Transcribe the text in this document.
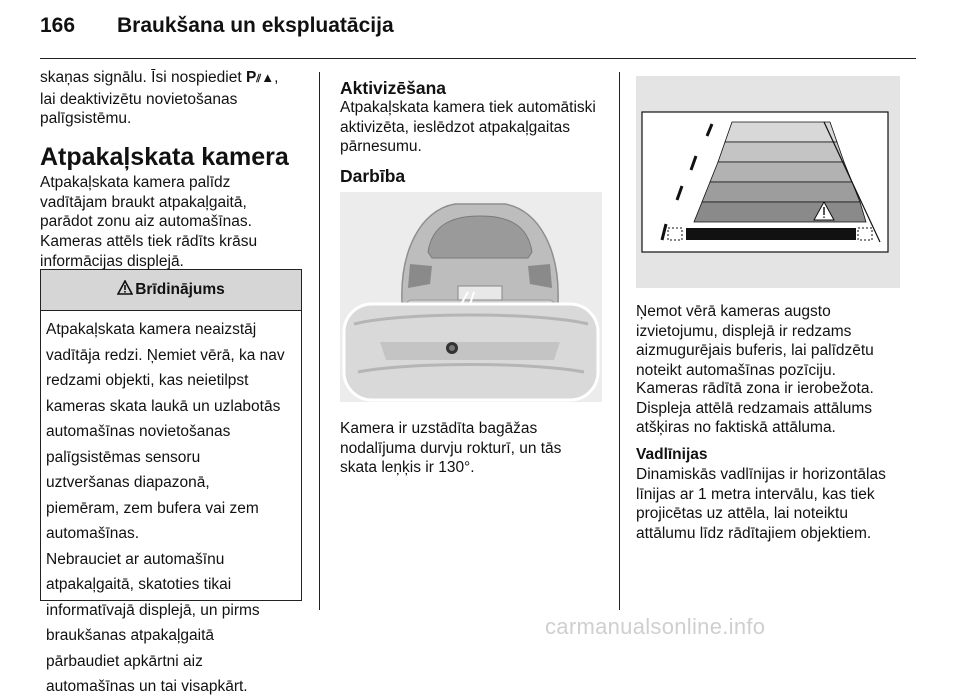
166 Braukšana un ekspluatācija

skaņas signālu. Īsi nospiediet P⫽▲,

lai deaktivizētu novietošanas

palīgsistēmu.

Atpakaļskata kamera

Atpakaļskata kamera palīdz

vadītājam braukt atpakaļgaitā,

parādot zonu aiz automašīnas.

Kameras attēls tiek rādīts krāsu

informācijas displejā.

Brīdinājums

Atpakaļskata kamera neaizstāj

vadītāja redzi. Ņemiet vērā, ka nav

redzami objekti, kas neietilpst

kameras skata laukā un uzlabotās

automašīnas novietošanas

palīgsistēmas sensoru

uztveršanas diapazonā,

piemēram, zem bufera vai zem

automašīnas.

Nebrauciet ar automašīnu

atpakaļgaitā, skatoties tikai

informatīvajā displejā, un pirms

braukšanas atpakaļgaitā

pārbaudiet apkārtni aiz

automašīnas un tai visapkārt.

Aktivizēšana

Atpakaļskata kamera tiek automātiski

aktivizēta, ieslēdzot atpakaļgaitas

pārnesumu.

Darbība

Kamera ir uzstādīta bagāžas

nodalījuma durvju rokturī, un tās

skata leņķis ir 130°.

Ņemot vērā kameras augsto

izvietojumu, displejā ir redzams

aizmugurējais buferis, lai palīdzētu

noteikt automašīnas pozīciju.

Kameras rādītā zona ir ierobežota.

Displeja attēlā redzamais attālums

atšķiras no faktiskā attāluma.

Vadlīnijas

Dinamiskās vadlīnijas ir horizontālas

līnijas ar 1 metra intervālu, kas tiek

projicētas uz attēla, lai noteiktu

attālumu līdz rādītajiem objektiem.

carmanualsonline.info
